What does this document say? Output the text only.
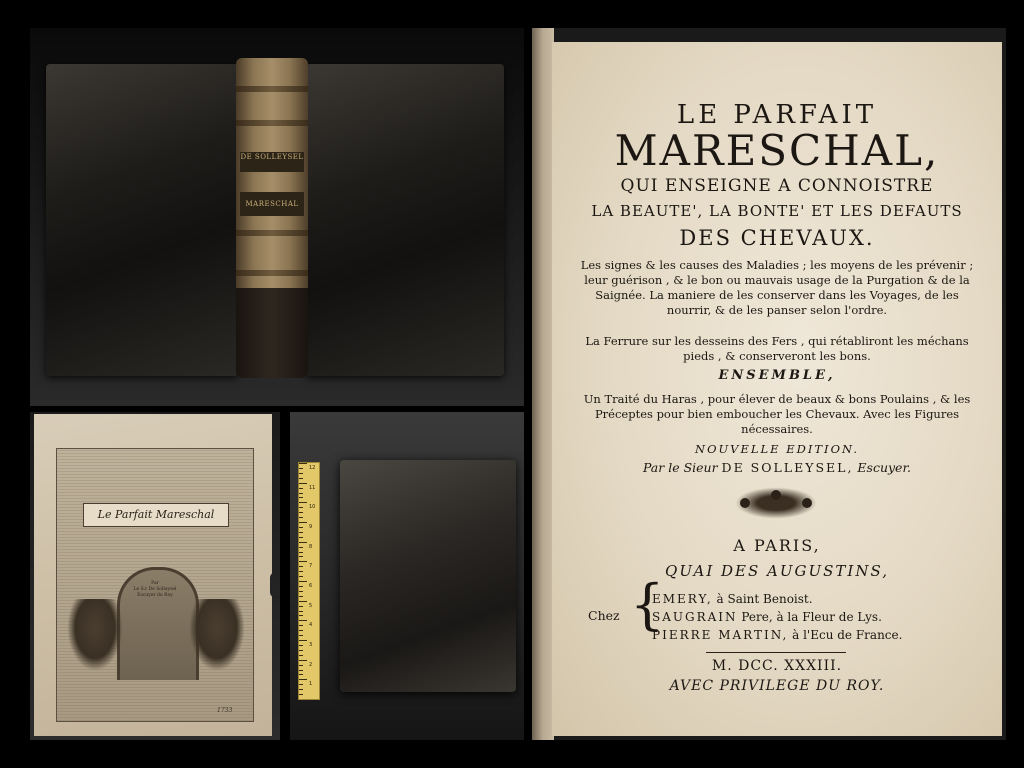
DE SOLLEYSEL
MARESCHAL
Le Parfait Mareschal
Par
Le S.r De Solleysel
Escuyer du Roy
1733
1
2
3
4
5
6
7
8
9
10
11
12
LE PARFAIT
MARESCHAL,
QUI ENSEIGNE A CONNOISTRE
LA BEAUTE', LA BONTE' ET LES DEFAUTS
DES CHEVAUX.
Les signes & les causes des Maladies ; les moyens de les prévenir ; leur guérison , & le bon ou mauvais usage de la Purgation & de la Saignée. La maniere de les conserver dans les Voyages, de les nourrir, & de les panser selon l'ordre.
La Ferrure sur les desseins des Fers , qui rétabliront les méchans pieds , & conserveront les bons.
ENSEMBLE,
Un Traité du Haras , pour élever de beaux & bons Poulains , & les Préceptes pour bien emboucher les Chevaux. Avec les Figures nécessaires.
NOUVELLE EDITION.
Par le Sieur DE SOLLEYSEL, Escuyer.
A PARIS,
QUAI DES AUGUSTINS,
Chez {
EMERY, à Saint Benoist.
SAUGRAIN Pere, à la Fleur de Lys.
PIERRE MARTIN, à l'Ecu de France.
M. DCC. XXXIII.
AVEC PRIVILEGE DU ROY.
